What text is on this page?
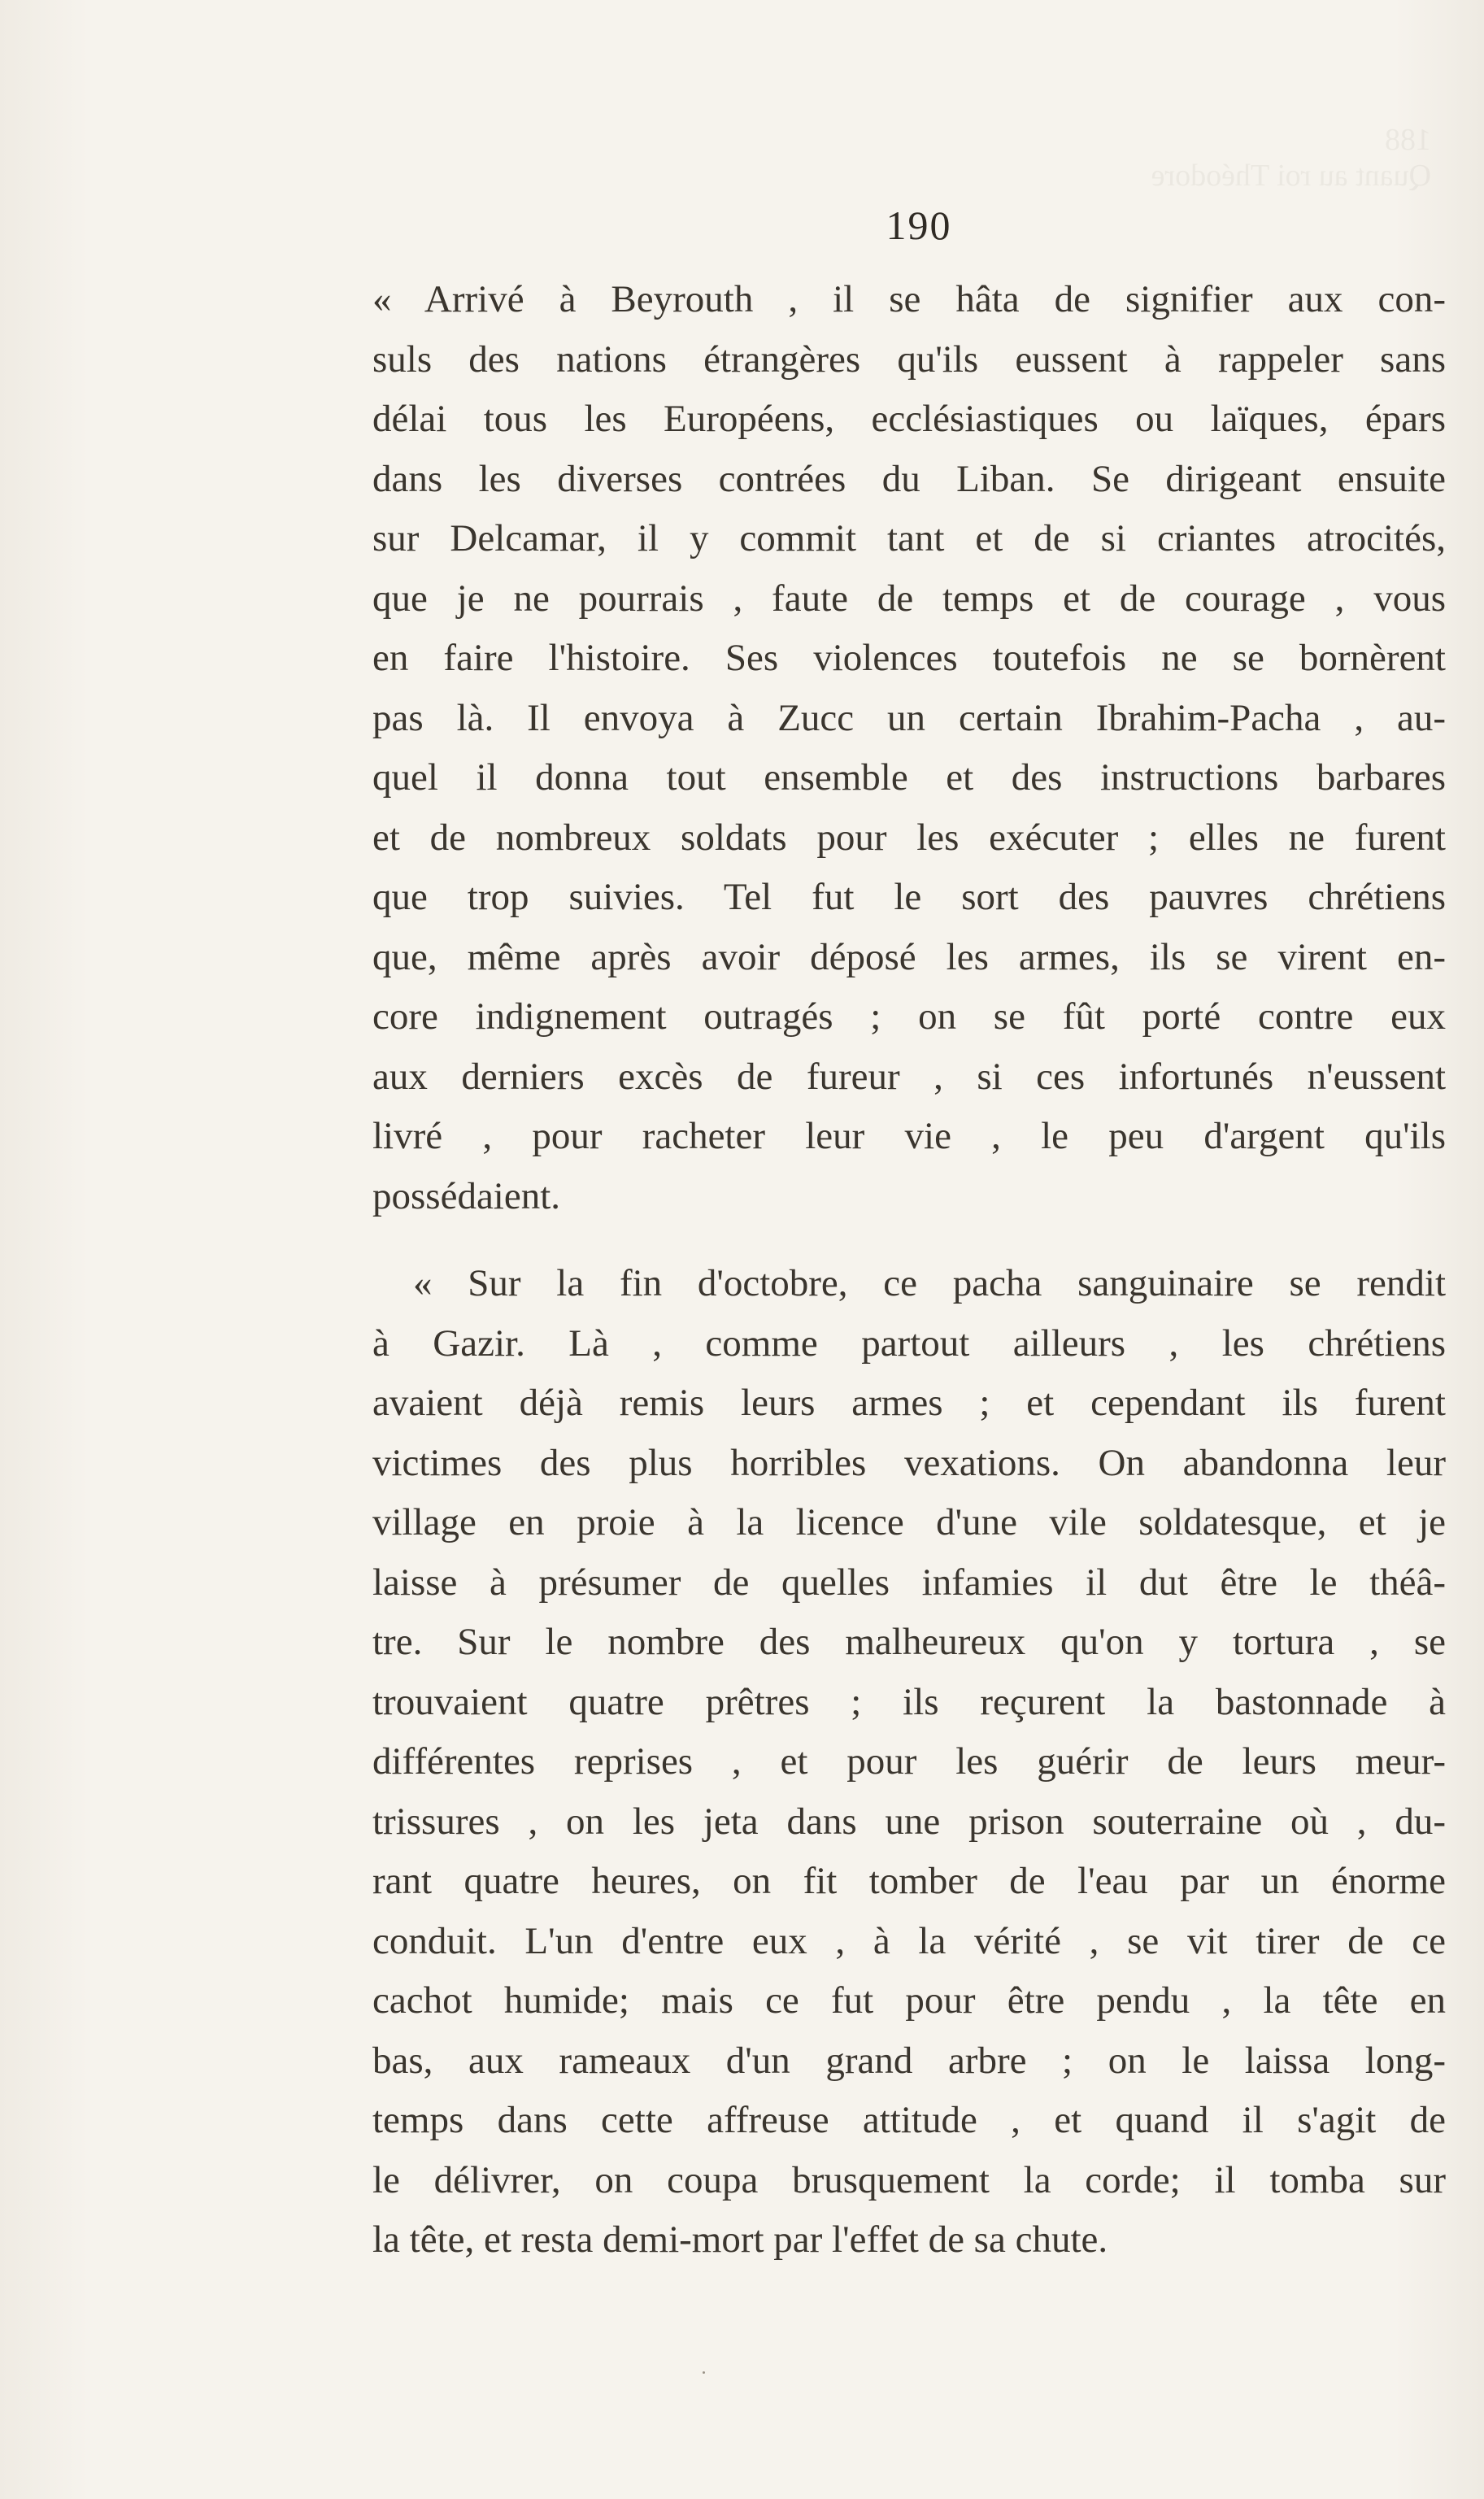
188
Quant au roi Théodore

190

« Arrivé à Beyrouth , il se hâta de signifier aux con-
suls des nations étrangères qu'ils eussent à rappeler sans
délai tous les Européens, ecclésiastiques ou laïques, épars
dans les diverses contrées du Liban. Se dirigeant ensuite
sur Delcamar, il y commit tant et de si criantes atrocités,
que je ne pourrais , faute de temps et de courage , vous
en faire l'histoire. Ses violences toutefois ne se bornèrent
pas là. Il envoya à Zucc un certain Ibrahim-Pacha , au-
quel il donna tout ensemble et des instructions barbares
et de nombreux soldats pour les exécuter ; elles ne furent
que trop suivies. Tel fut le sort des pauvres chrétiens
que, même après avoir déposé les armes, ils se virent en-
core indignement outragés ; on se fût porté contre eux
aux derniers excès de fureur , si ces infortunés n'eussent
livré , pour racheter leur vie , le peu d'argent qu'ils
possédaient.

« Sur la fin d'octobre, ce pacha sanguinaire se rendit
à Gazir. Là , comme partout ailleurs , les chrétiens
avaient déjà remis leurs armes ; et cependant ils furent
victimes des plus horribles vexations. On abandonna leur
village en proie à la licence d'une vile soldatesque, et je
laisse à présumer de quelles infamies il dut être le théâ-
tre. Sur le nombre des malheureux qu'on y tortura , se
trouvaient quatre prêtres ; ils reçurent la bastonnade à
différentes reprises , et pour les guérir de leurs meur-
trissures , on les jeta dans une prison souterraine où , du-
rant quatre heures, on fit tomber de l'eau par un énorme
conduit. L'un d'entre eux , à la vérité , se vit tirer de ce
cachot humide; mais ce fut pour être pendu , la tête en
bas, aux rameaux d'un grand arbre ; on le laissa long-
temps dans cette affreuse attitude , et quand il s'agit de
le délivrer, on coupa brusquement la corde; il tomba sur
la tête, et resta demi-mort par l'effet de sa chute.
